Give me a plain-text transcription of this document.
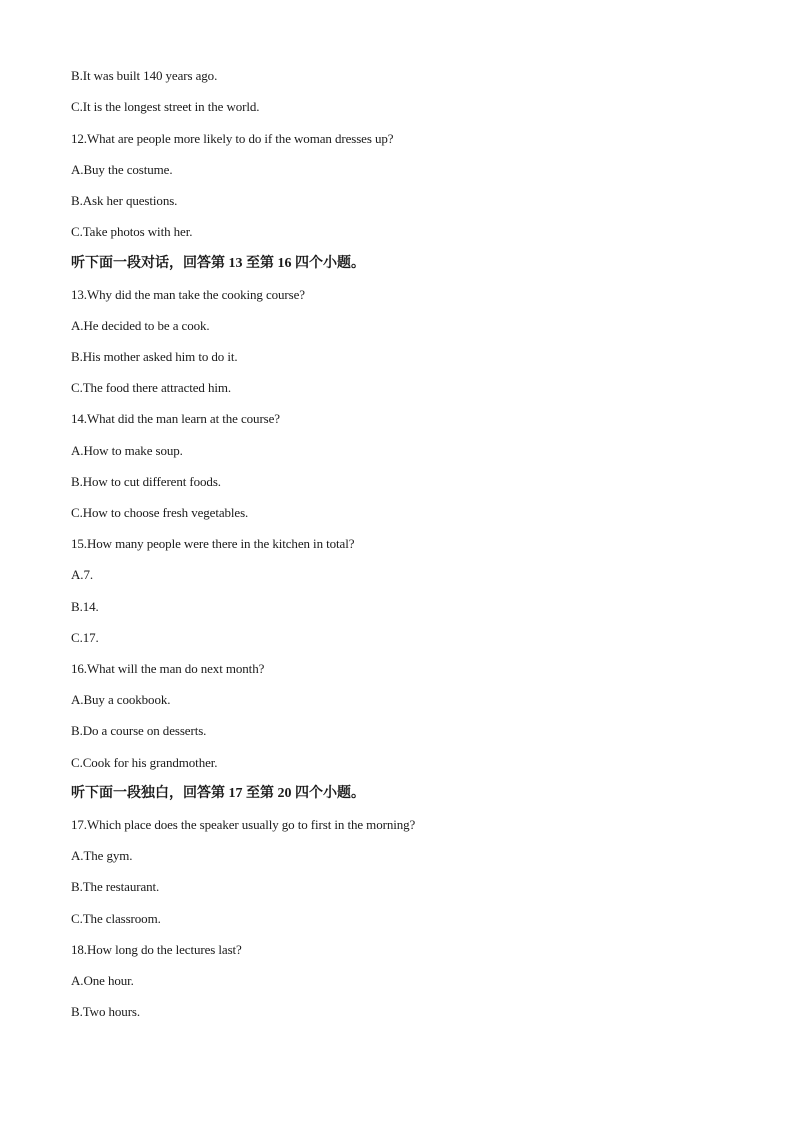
B.It was built 140 years ago.
C.It is the longest street in the world.
12.What are people more likely to do if the woman dresses up?
A.Buy the costume.
B.Ask her questions.
C.Take photos with her.
听下面一段对话，回答第 13 至第 16 四个小题。
13.Why did the man take the cooking course?
A.He decided to be a cook.
B.His mother asked him to do it.
C.The food there attracted him.
14.What did the man learn at the course?
A.How to make soup.
B.How to cut different foods.
C.How to choose fresh vegetables.
15.How many people were there in the kitchen in total?
A.7.
B.14.
C.17.
16.What will the man do next month?
A.Buy a cookbook.
B.Do a course on desserts.
C.Cook for his grandmother.
听下面一段独白，回答第 17 至第 20 四个小题。
17.Which place does the speaker usually go to first in the morning?
A.The gym.
B.The restaurant.
C.The classroom.
18.How long do the lectures last?
A.One hour.
B.Two hours.
